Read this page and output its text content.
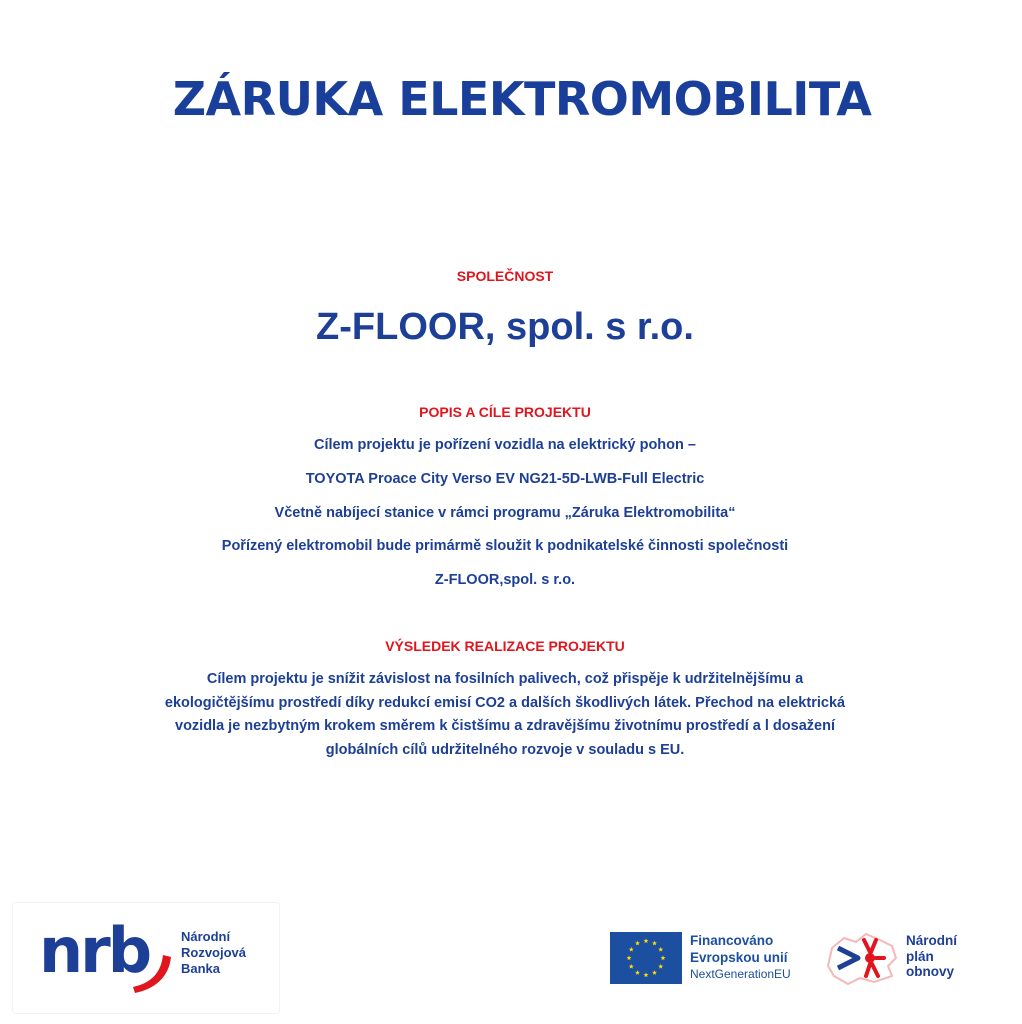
ZÁRUKA ELEKTROMOBILITA

SPOLEČNOST

Z-FLOOR, spol. s r.o.

POPIS A CÍLE PROJEKTU

Cílem projektu je pořízení vozidla na elektrický pohon –

TOYOTA Proace City Verso EV NG21-5D-LWB-Full Electric

Včetně nabíjecí stanice v rámci programu „Záruka Elektromobilita“

Pořízený elektromobil bude primármě sloužit k podnikatelské činnosti společnosti

Z-FLOOR,spol. s r.o.

VÝSLEDEK REALIZACE PROJEKTU

Cílem projektu je snížit závislost na fosilních palivech, což přispěje k udržitelnějšímu a
ekologičtějšímu prostředí díky redukcí emisí CO2 a dalších škodlivých látek. Přechod na elektrická
vozidla je nezbytným krokem směrem k čistšímu a zdravějšímu životnímu prostředí a l dosažení
globálních cílů udržitelného rozvoje v souladu s EU.

nrb Národní
Rozvojová
Banka
Financováno
Evropskou unií
NextGenerationEU
Národní
plán
obnovy
